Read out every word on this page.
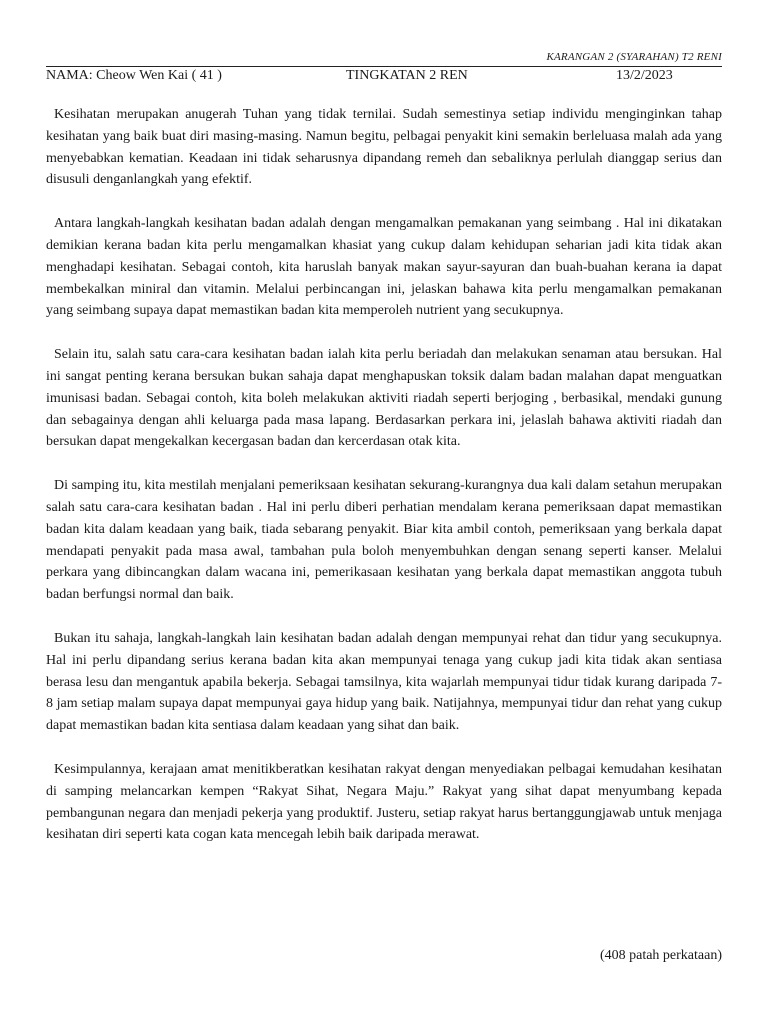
KARANGAN 2 (SYARAHAN) T2 RENI
NAMA: Cheow Wen Kai ( 41 )	TINGKATAN 2 REN	13/2/2023

Kesihatan merupakan anugerah Tuhan yang tidak ternilai. Sudah semestinya setiap individu menginginkan tahap kesihatan yang baik buat diri masing-masing. Namun begitu, pelbagai penyakit kini semakin berleluasa malah ada yang menyebabkan kematian. Keadaan ini tidak seharusnya dipandang remeh dan sebaliknya perlulah dianggap serius dan disusuli denganlangkah yang efektif.

Antara langkah-langkah kesihatan badan adalah dengan mengamalkan pemakanan yang seimbang . Hal ini dikatakan demikian kerana badan kita perlu mengamalkan khasiat yang cukup dalam kehidupan seharian jadi kita tidak akan menghadapi kesihatan. Sebagai contoh, kita haruslah banyak makan sayur-sayuran dan buah-buahan kerana ia dapat membekalkan miniral dan vitamin. Melalui perbincangan ini, jelaskan bahawa kita perlu mengamalkan pemakanan yang seimbang supaya dapat memastikan badan kita memperoleh nutrient yang secukupnya.

Selain itu, salah satu cara-cara kesihatan badan ialah kita perlu beriadah dan melakukan senaman atau bersukan. Hal ini sangat penting kerana bersukan bukan sahaja dapat menghapuskan toksik dalam badan malahan dapat menguatkan imunisasi badan. Sebagai contoh, kita boleh melakukan aktiviti riadah seperti berjoging , berbasikal, mendaki gunung dan sebagainya dengan ahli keluarga pada masa lapang. Berdasarkan perkara ini, jelaslah bahawa aktiviti riadah dan bersukan dapat mengekalkan kecergasan badan dan kercerdasan otak kita.

Di samping itu, kita mestilah menjalani pemeriksaan kesihatan sekurang-kurangnya dua kali dalam setahun merupakan salah satu cara-cara kesihatan badan . Hal ini perlu diberi perhatian mendalam kerana pemeriksaan dapat memastikan badan kita dalam keadaan yang baik, tiada sebarang penyakit. Biar kita ambil contoh, pemeriksaan yang berkala dapat mendapati penyakit pada masa awal, tambahan pula boloh menyembuhkan dengan senang seperti kanser. Melalui perkara yang dibincangkan dalam wacana ini, pemerikasaan kesihatan yang berkala dapat memastikan anggota tubuh badan berfungsi normal dan baik.

Bukan itu sahaja, langkah-langkah lain kesihatan badan adalah dengan mempunyai rehat dan tidur yang secukupnya. Hal ini perlu dipandang serius kerana badan kita akan mempunyai tenaga yang cukup jadi kita tidak akan sentiasa berasa lesu dan mengantuk apabila bekerja. Sebagai tamsilnya, kita wajarlah mempunyai tidur tidak kurang daripada 7-8 jam setiap malam supaya dapat mempunyai gaya hidup yang baik. Natijahnya, mempunyai tidur dan rehat yang cukup dapat memastikan badan kita sentiasa dalam keadaan yang sihat dan baik.

Kesimpulannya, kerajaan amat menitikberatkan kesihatan rakyat dengan menyediakan pelbagai kemudahan kesihatan di samping melancarkan kempen “Rakyat Sihat, Negara Maju.” Rakyat yang sihat dapat menyumbang kepada pembangunan negara dan menjadi pekerja yang produktif. Justeru, setiap rakyat harus bertanggungjawab untuk menjaga kesihatan diri seperti kata cogan kata mencegah lebih baik daripada merawat.

(408 patah perkataan)
